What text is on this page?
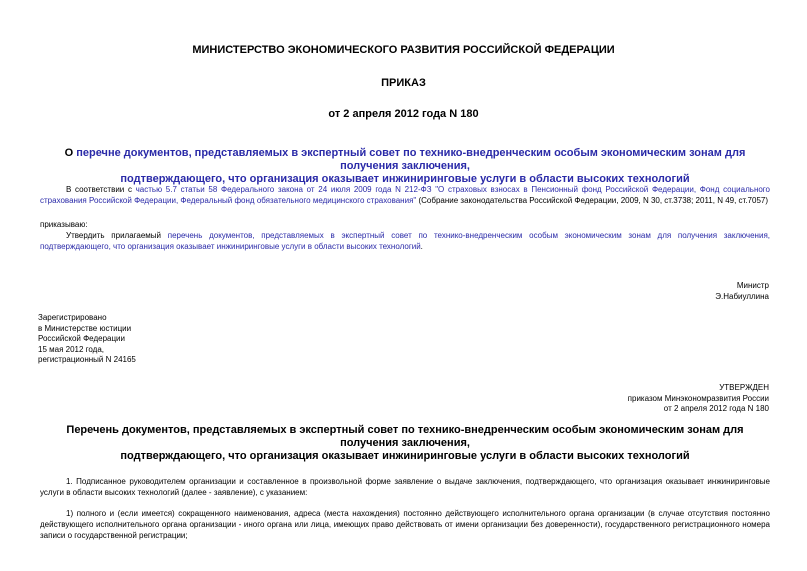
МИНИСТЕРСТВО ЭКОНОМИЧЕСКОГО РАЗВИТИЯ РОССИЙСКОЙ ФЕДЕРАЦИИ
ПРИКАЗ
от 2 апреля 2012 года N 180
О перечне документов, представляемых в экспертный совет по технико-внедренческим особым экономическим зонам для получения заключения,
подтверждающего, что организация оказывает инжиниринговые услуги в области высоких технологий
В соответствии с частью 5.7 статьи 58 Федерального закона от 24 июля 2009 года N 212-ФЗ "О страховых взносах в Пенсионный фонд Российской Федерации, Фонд социального страхования Российской Федерации, Федеральный фонд обязательного медицинского страхования" (Собрание законодательства Российской Федерации, 2009, N 30, ст.3738; 2011, N 49, ст.7057)
приказываю:
Утвердить прилагаемый перечень документов, представляемых в экспертный совет по технико-внедренческим особым экономическим зонам для получения заключения, подтверждающего, что организация оказывает инжиниринговые услуги в области высоких технологий.
Министр
Э.Набиуллина
Зарегистрировано
в Министерстве юстиции
Российской Федерации
15 мая 2012 года,
регистрационный N 24165
УТВЕРЖДЕН
приказом Минэкономразвития России
от 2 апреля 2012 года N 180
Перечень документов, представляемых в экспертный совет по технико-внедренческим особым экономическим зонам для получения заключения,
подтверждающего, что организация оказывает инжиниринговые услуги в области высоких технологий
1. Подписанное руководителем организации и составленное в произвольной форме заявление о выдаче заключения, подтверждающего, что организация оказывает инжиниринговые услуги в области высоких технологий (далее - заявление), с указанием:
1) полного и (если имеется) сокращенного наименования, адреса (места нахождения) постоянно действующего исполнительного органа организации (в случае отсутствия постоянно действующего исполнительного органа организации - иного органа или лица, имеющих право действовать от имени организации без доверенности), государственного регистрационного номера записи о государственной регистрации;
